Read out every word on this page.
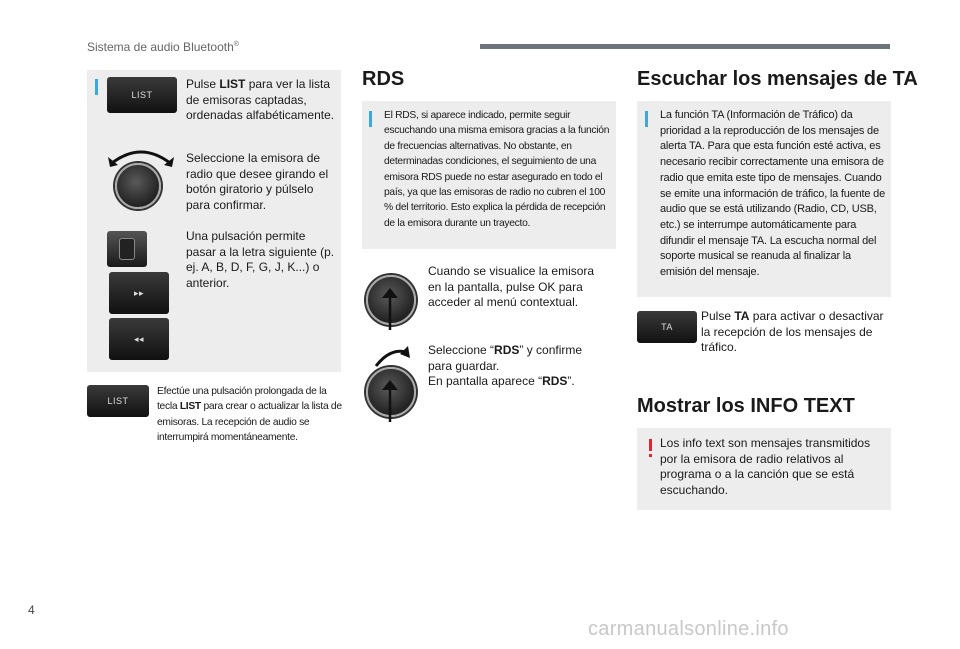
Sistema de audio Bluetooth®
LIST
Pulse LIST para ver la lista de emisoras captadas, ordenadas alfabéticamente.
Seleccione la emisora de radio que desee girando el botón giratorio y púlselo para confirmar.
▸▸
◂◂
Una pulsación permite pasar a la letra siguiente (p. ej. A, B, D, F, G, J, K...) o anterior.
LIST
Efectúe una pulsación prolongada de la tecla LIST para crear o actualizar la lista de emisoras. La recepción de audio se interrumpirá momentáneamente.
RDS
El RDS, si aparece indicado, permite seguir escuchando una misma emisora gracias a la función de frecuencias alternativas. No obstante, en determinadas condiciones, el seguimiento de una emisora RDS puede no estar asegurado en todo el país, ya que las emisoras de radio no cubren el 100 % del territorio. Esto explica la pérdida de recepción de la emisora durante un trayecto.
Cuando se visualice la emisora en la pantalla, pulse OK para acceder al menú contextual.
Seleccione “RDS” y confirme para guardar.
En pantalla aparece “RDS”.
Escuchar los mensajes de TA
La función TA (Información de Tráfico) da prioridad a la reproducción de los mensajes de alerta TA. Para que esta función esté activa, es necesario recibir correctamente una emisora de radio que emita este tipo de mensajes. Cuando se emite una información de tráfico, la fuente de audio que se está utilizando (Radio, CD, USB, etc.) se interrumpe automáticamente para difundir el mensaje TA. La escucha normal del soporte musical se reanuda al finalizar la emisión del mensaje.
TA
Pulse TA para activar o desactivar la recepción de los mensajes de tráfico.
Mostrar los INFO TEXT
Los info text son mensajes transmitidos por la emisora de radio relativos al programa o a la canción que se está escuchando.
4
carmanualsonline.info
